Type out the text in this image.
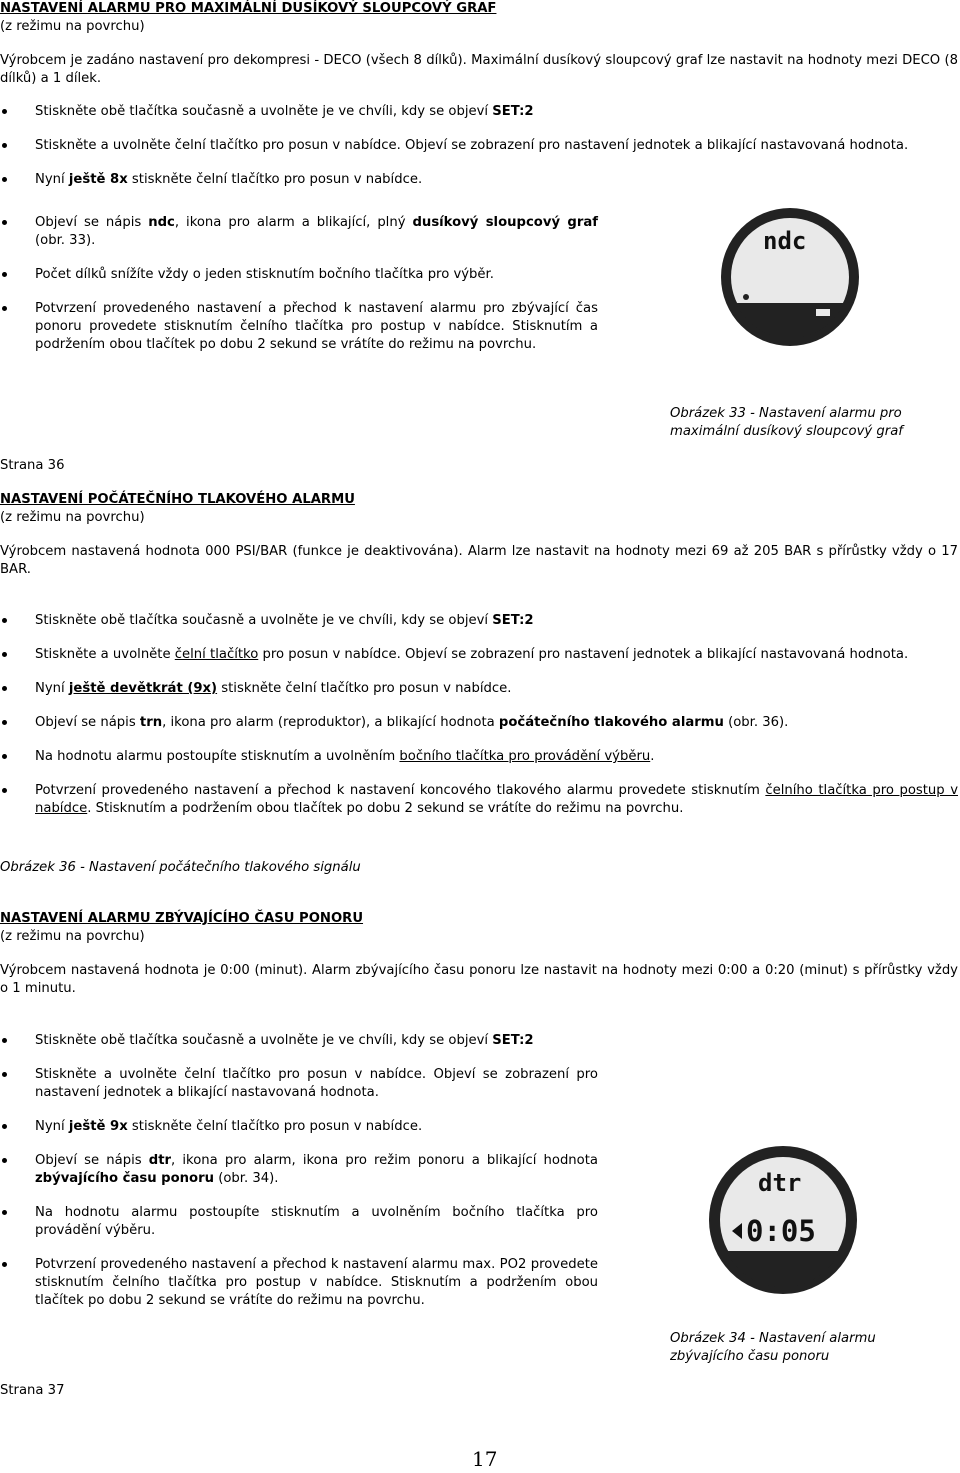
NASTAVENÍ ALARMU PRO MAXIMÁLNÍ DUSÍKOVÝ SLOUPCOVÝ GRAF
(z režimu na povrchu)
Výrobcem je zadáno nastavení pro dekompresi - DECO (všech 8 dílků). Maximální dusíkový sloupcový graf lze nastavit na hodnoty mezi DECO (8 dílků) a 1 dílek.
Stiskněte obě tlačítka současně a uvolněte je ve chvíli, kdy se objeví SET:2
Stiskněte a uvolněte čelní tlačítko pro posun v nabídce. Objeví se zobrazení pro nastavení jednotek a blikající nastavovaná hodnota.
Nyní ještě 8x stiskněte čelní tlačítko pro posun v nabídce.
Objeví se nápis ndc, ikona pro alarm a blikající, plný dusíkový sloupcový graf (obr. 33).
Počet dílků snížíte vždy o jeden stisknutím bočního tlačítka pro výběr.
Potvrzení provedeného nastavení a přechod k nastavení alarmu pro zbývající čas ponoru provedete stisknutím čelního tlačítka pro postup v nabídce. Stisknutím a podržením obou tlačítek po dobu 2 sekund se vrátíte do režimu na povrchu.
ndc
Obrázek 33 - Nastavení alarmu pro maximální dusíkový sloupcový graf
Strana 36
NASTAVENÍ POČÁTEČNÍHO TLAKOVÉHO ALARMU
(z režimu na povrchu)
Výrobcem nastavená hodnota 000 PSI/BAR (funkce je deaktivována). Alarm lze nastavit na hodnoty mezi 69 až 205 BAR s přírůstky vždy o 17 BAR.
Stiskněte obě tlačítka současně a uvolněte je ve chvíli, kdy se objeví SET:2
Stiskněte a uvolněte čelní tlačítko pro posun v nabídce. Objeví se zobrazení pro nastavení jednotek a blikající nastavovaná hodnota.
Nyní ještě devětkrát (9x) stiskněte čelní tlačítko pro posun v nabídce.
Objeví se nápis trn, ikona pro alarm (reproduktor), a blikající hodnota počátečního tlakového alarmu (obr. 36).
Na hodnotu alarmu postoupíte stisknutím a uvolněním bočního tlačítka pro provádění výběru.
Potvrzení provedeného nastavení a přechod k nastavení koncového tlakového alarmu provedete stisknutím čelního tlačítka pro postup v nabídce. Stisknutím a podržením obou tlačítek po dobu 2 sekund se vrátíte do režimu na povrchu.
Obrázek 36 - Nastavení počátečního tlakového signálu
NASTAVENÍ ALARMU ZBÝVAJÍCÍHO ČASU PONORU
(z režimu na povrchu)
Výrobcem nastavená hodnota je 0:00 (minut). Alarm zbývajícího času ponoru lze nastavit na hodnoty mezi 0:00 a 0:20 (minut) s přírůstky vždy o 1 minutu.
Stiskněte obě tlačítka současně a uvolněte je ve chvíli, kdy se objeví SET:2
Stiskněte a uvolněte čelní tlačítko pro posun v nabídce. Objeví se zobrazení pro nastavení jednotek a blikající nastavovaná hodnota.
Nyní ještě 9x stiskněte čelní tlačítko pro posun v nabídce.
Objeví se nápis dtr, ikona pro alarm, ikona pro režim ponoru a blikající hodnota zbývajícího času ponoru (obr. 34).
Na hodnotu alarmu postoupíte stisknutím a uvolněním bočního tlačítka pro provádění výběru.
Potvrzení provedeného nastavení a přechod k nastavení alarmu max. PO2 provedete stisknutím čelního tlačítka pro postup v nabídce. Stisknutím a podržením obou tlačítek po dobu 2 sekund se vrátíte do režimu na povrchu.
dtr
0:05
Obrázek 34 - Nastavení alarmu zbývajícího času ponoru
Strana 37
17
